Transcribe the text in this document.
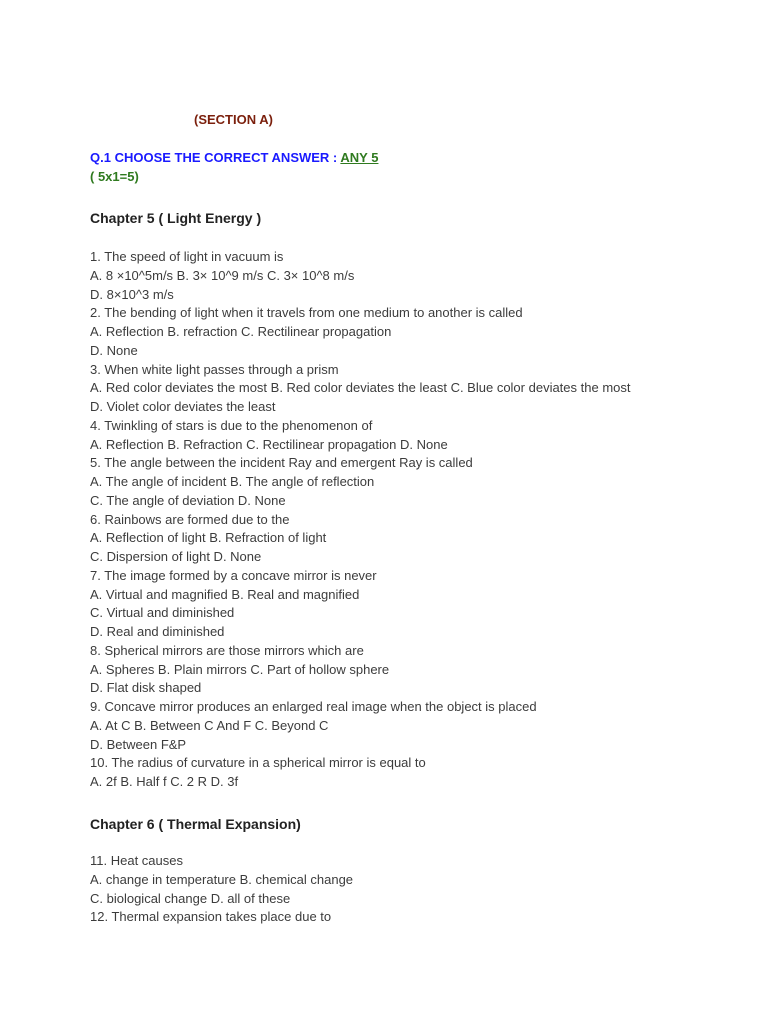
(SECTION A)
Q.1 CHOOSE THE CORRECT ANSWER : ANY 5
( 5x1=5)
Chapter 5 ( Light Energy )
1. The speed of light in vacuum is
A. 8 ×10^5m/s B. 3× 10^9 m/s C. 3× 10^8 m/s
D. 8×10^3 m/s
2. The bending of light when it travels from one medium to another is called
A. Reflection B. refraction C. Rectilinear propagation
D. None
3. When white light passes through a prism
A. Red color deviates the most B. Red color deviates the least C. Blue color deviates the most
D. Violet color deviates the least
4. Twinkling of stars is due to the phenomenon of
A. Reflection B. Refraction C. Rectilinear propagation D. None
5. The angle between the incident Ray and emergent Ray is called
A. The angle of incident B. The angle of reflection
C. The angle of deviation D. None
6. Rainbows are formed due to the
A. Reflection of light B. Refraction of light
C. Dispersion of light D. None
7. The image formed by a concave mirror is never
A. Virtual and magnified B. Real and magnified
C. Virtual and diminished
D. Real and diminished
8. Spherical mirrors are those mirrors which are
A. Spheres B. Plain mirrors C. Part of hollow sphere
D. Flat disk shaped
9. Concave mirror produces an enlarged real image when the object is placed
A. At C B. Between C And F C. Beyond C
D. Between F&P
10. The radius of curvature in a spherical mirror is equal to
A. 2f B. Half f C. 2 R D. 3f
Chapter 6 ( Thermal Expansion)
11. Heat causes
A. change in temperature B. chemical change
C. biological change D. all of these
12. Thermal expansion takes place due to
